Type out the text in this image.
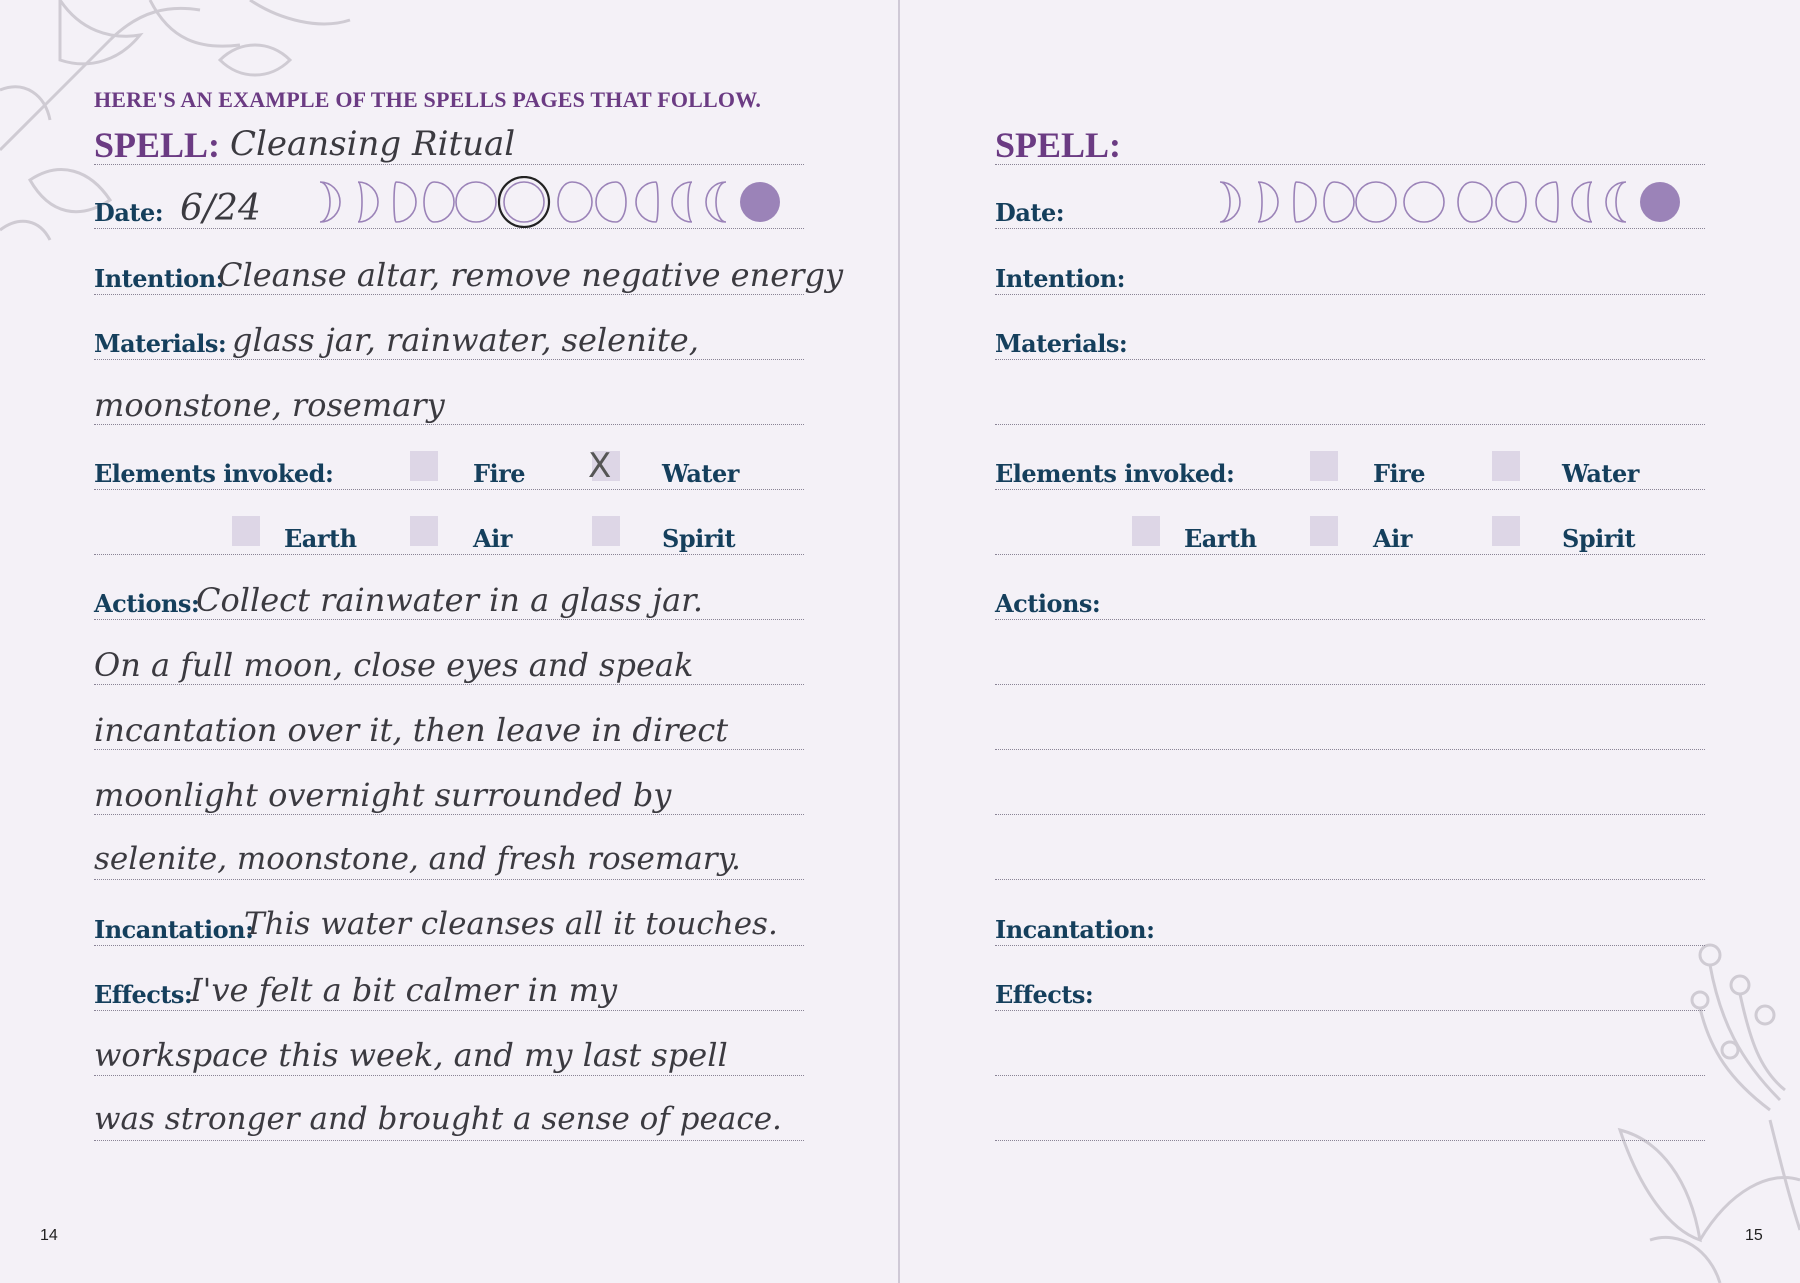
HERE'S AN EXAMPLE OF THE SPELLS PAGES THAT FOLLOW.
SPELL: Cleansing Ritual
Date: 6/24
Intention:
Cleanse altar, remove negative energy
Materials: glass jar, rainwater, selenite,
moonstone, rosemary
Elements invoked:	Fire X Water
Earth	Air	Spirit
Actions:
Collect rainwater in a glass jar.
On a full moon, close eyes and speak
incantation over it, then leave in direct
moonlight overnight surrounded by
selenite, moonstone, and fresh rosemary.
Incantation:
This water cleanses all it touches.
Effects:
I've felt a bit calmer in my
workspace this week, and my last spell
was stronger and brought a sense of peace.
14
SPELL:
Date:
Intention:
Materials:
Elements invoked:	Fire	Water
Earth	Air	Spirit
Actions:
Incantation:
Effects:
15
